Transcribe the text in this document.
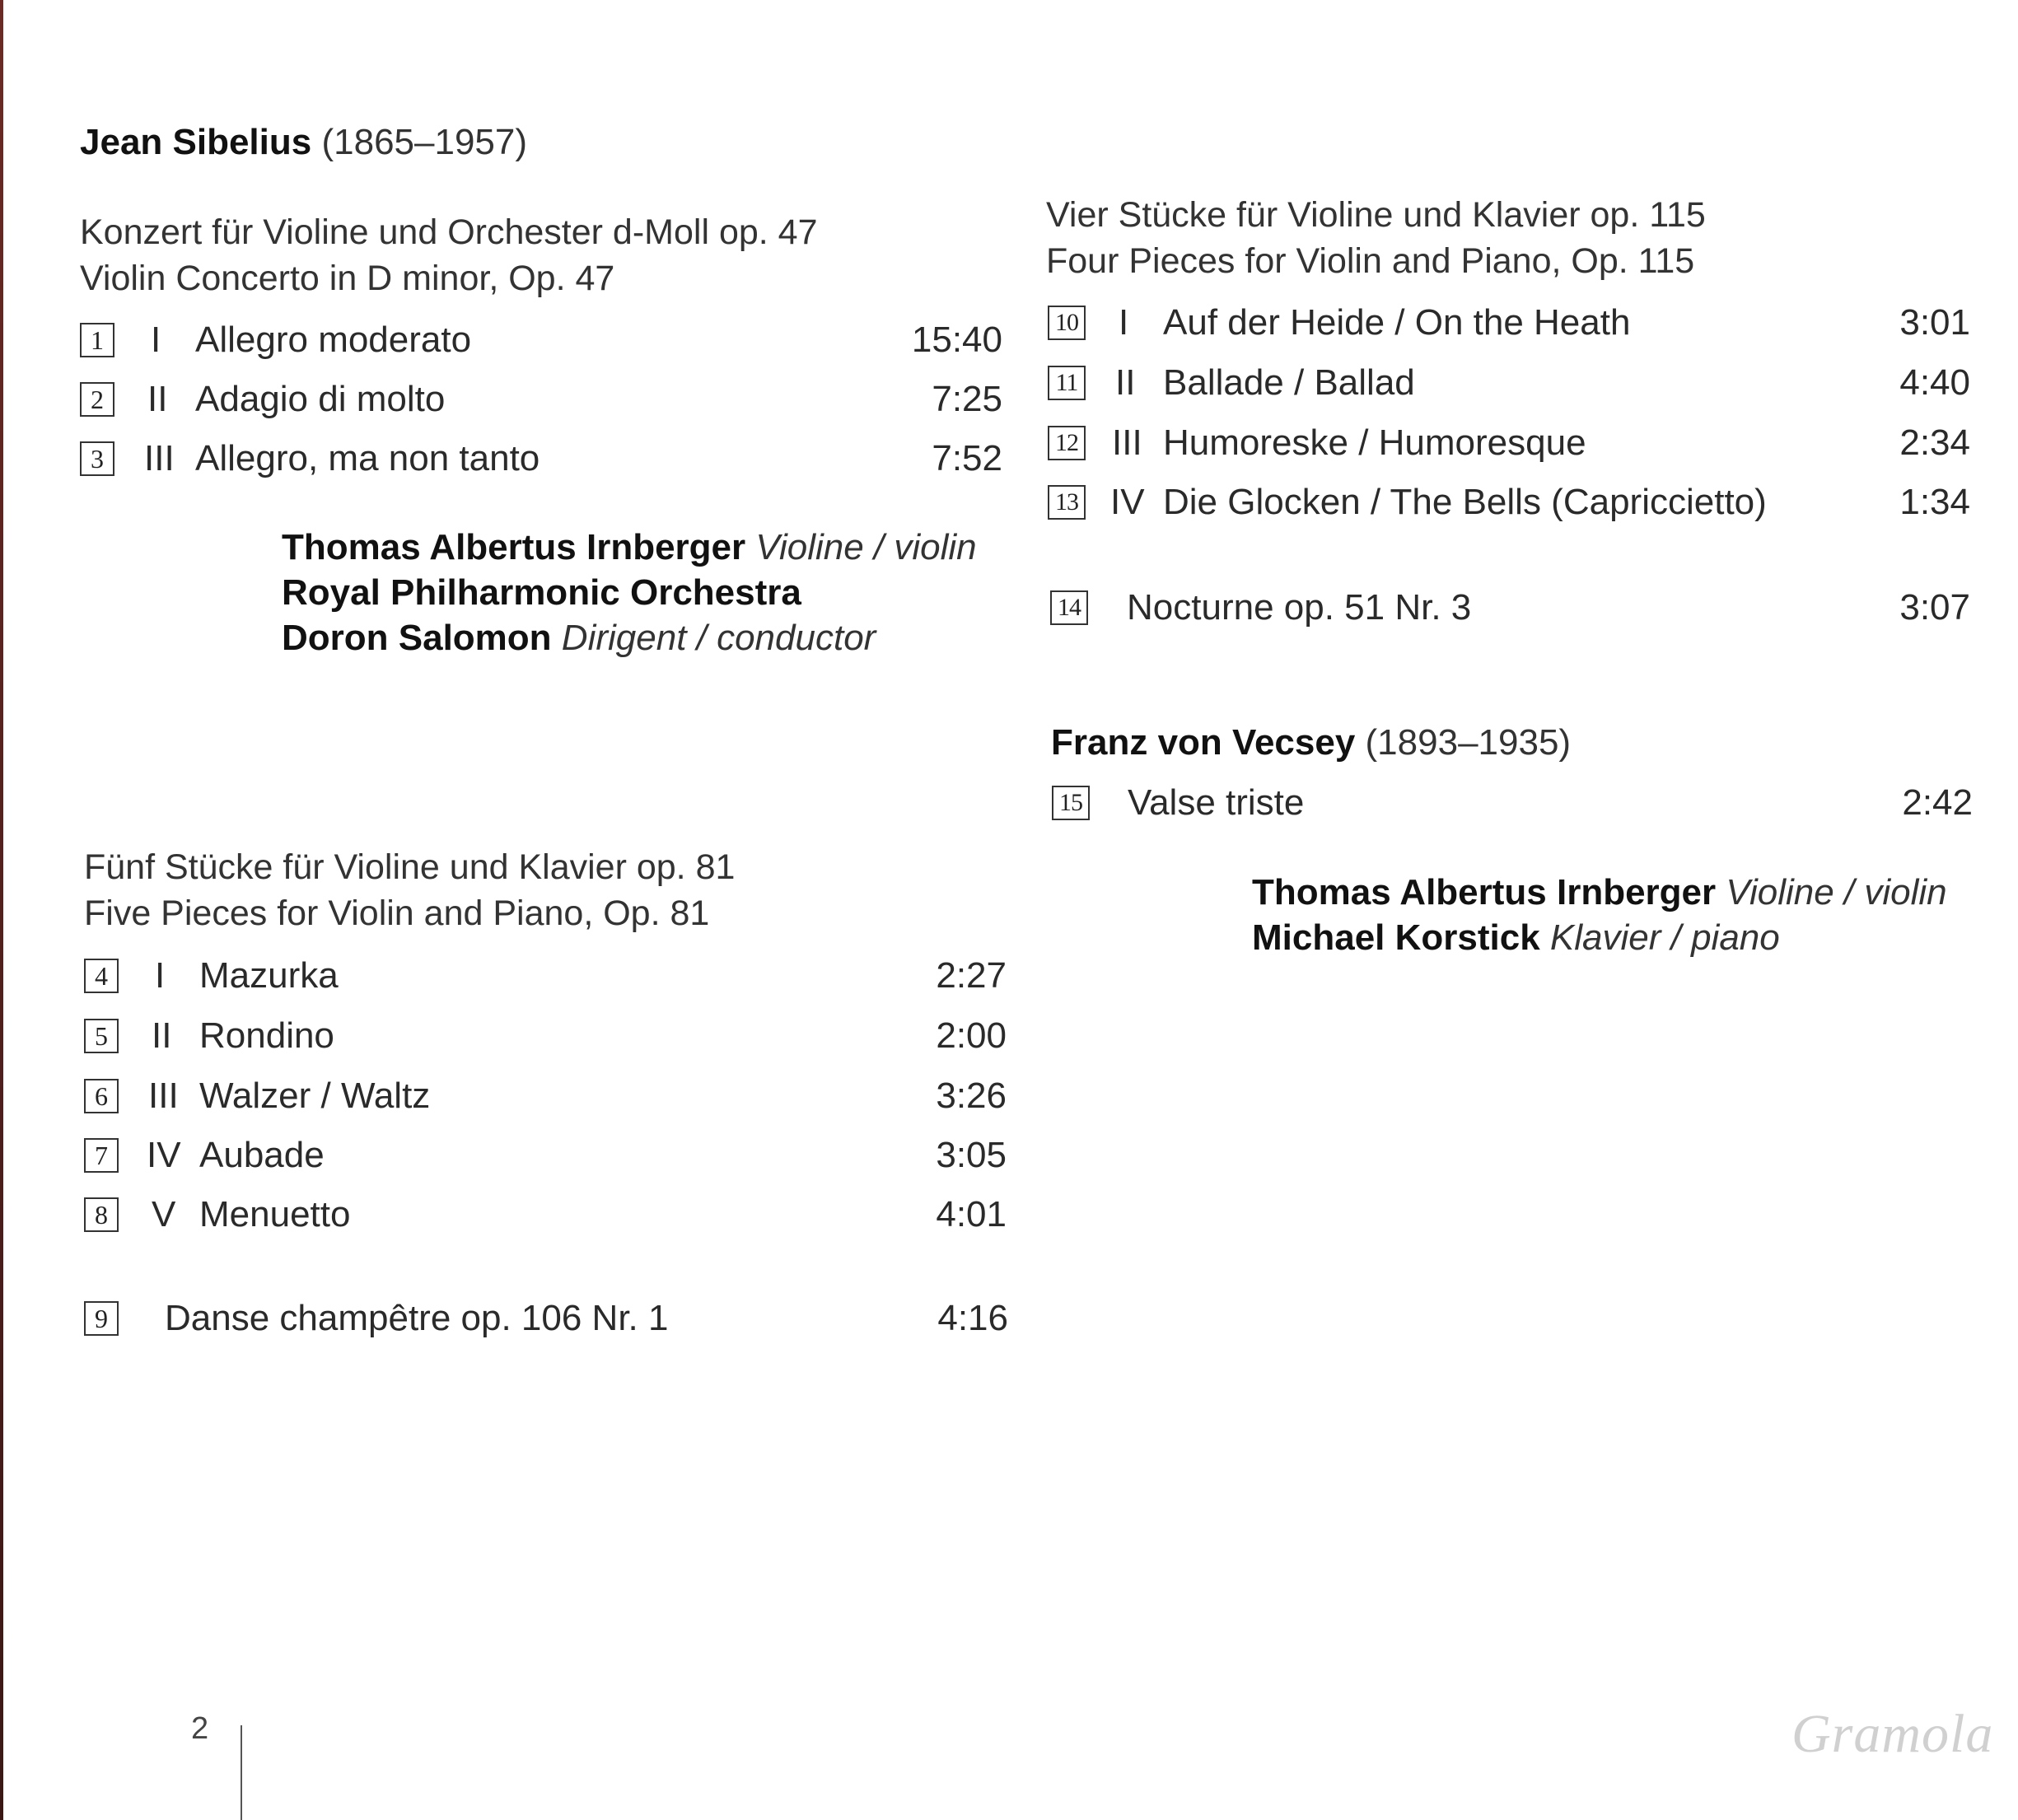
Jean Sibelius (1865–1957)
Konzert für Violine und Orchester d-Moll op. 47
Violin Concerto in D minor, Op. 47
1 I Allegro moderato	15:40
2 II Adagio di molto	7:25
3 III Allegro, ma non tanto	7:52
Thomas Albertus Irnberger Violine / violin
Royal Philharmonic Orchestra
Doron Salomon Dirigent / conductor
Fünf Stücke für Violine und Klavier op. 81
Five Pieces for Violin and Piano, Op. 81
4 I Mazurka	2:27
5 II Rondino	2:00
6 III Walzer / Waltz	3:26
7 IV Aubade	3:05
8 V Menuetto	4:01
9 Danse champêtre op. 106 Nr. 1	4:16
Vier Stücke für Violine und Klavier op. 115
Four Pieces for Violin and Piano, Op. 115
10 I Auf der Heide / On the Heath	3:01
11 II Ballade / Ballad	4:40
12 III Humoreske / Humoresque	2:34
13 IV Die Glocken / The Bells (Capriccietto)	1:34
14 Nocturne op. 51 Nr. 3	3:07
Franz von Vecsey (1893–1935)
15 Valse triste	2:42
Thomas Albertus Irnberger Violine / violin
Michael Korstick Klavier / piano
2	Gramola
